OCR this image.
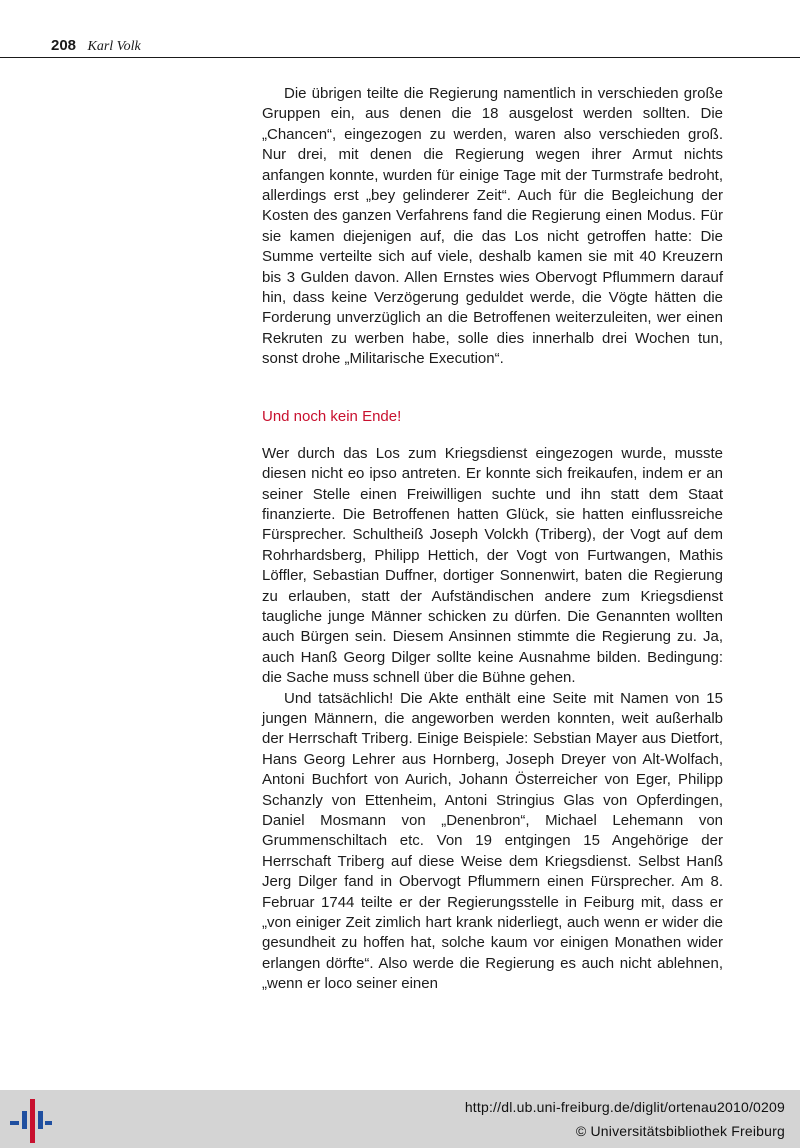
208 Karl Volk

Die übrigen teilte die Regierung namentlich in verschieden große Gruppen ein, aus denen die 18 ausgelost werden sollten. Die „Chancen“, eingezogen zu werden, waren also verschieden groß. Nur drei, mit denen die Regierung wegen ihrer Armut nichts anfangen konnte, wurden für einige Tage mit der Turmstrafe bedroht, allerdings erst „bey gelinderer Zeit“. Auch für die Begleichung der Kosten des ganzen Verfahrens fand die Regierung einen Modus. Für sie kamen diejenigen auf, die das Los nicht getroffen hatte: Die Summe verteilte sich auf viele, deshalb kamen sie mit 40 Kreuzern bis 3 Gulden davon. Allen Ernstes wies Obervogt Pflummern darauf hin, dass keine Verzögerung geduldet werde, die Vögte hätten die Forderung unverzüglich an die Betroffenen weiterzuleiten, wer einen Rekruten zu werben habe, solle dies innerhalb drei Wochen tun, sonst drohe „Militarische Execution“.

Und noch kein Ende!

Wer durch das Los zum Kriegsdienst eingezogen wurde, musste diesen nicht eo ipso antreten. Er konnte sich freikaufen, indem er an seiner Stelle einen Freiwilligen suchte und ihn statt dem Staat finanzierte. Die Betroffenen hatten Glück, sie hatten einflussreiche Fürsprecher. Schultheiß Joseph Volckh (Triberg), der Vogt auf dem Rohrhardsberg, Philipp Hettich, der Vogt von Furtwangen, Mathis Löffler, Sebastian Duffner, dortiger Sonnenwirt, baten die Regierung zu erlauben, statt der Aufständischen andere zum Kriegsdienst taugliche junge Männer schicken zu dürfen. Die Genannten wollten auch Bürgen sein. Diesem Ansinnen stimmte die Regierung zu. Ja, auch Hanß Georg Dilger sollte keine Ausnahme bilden. Bedingung: die Sache muss schnell über die Bühne gehen.

Und tatsächlich! Die Akte enthält eine Seite mit Namen von 15 jungen Männern, die angeworben werden konnten, weit außerhalb der Herrschaft Triberg. Einige Beispiele: Sebstian Mayer aus Dietfort, Hans Georg Lehrer aus Hornberg, Joseph Dreyer von Alt-Wolfach, Antoni Buchfort von Aurich, Johann Österreicher von Eger, Philipp Schanzly von Ettenheim, Antoni Stringius Glas von Opferdingen, Daniel Mosmann von „Denenbron“, Michael Lehemann von Grummenschiltach etc. Von 19 entgingen 15 Angehörige der Herrschaft Triberg auf diese Weise dem Kriegsdienst. Selbst Hanß Jerg Dilger fand in Obervogt Pflummern einen Fürsprecher. Am 8. Februar 1744 teilte er der Regierungsstelle in Feiburg mit, dass er „von einiger Zeit zimlich hart krank niderliegt, auch wenn er wider die gesundheit zu hoffen hat, solche kaum vor einigen Monathen wider erlangen dörfte“. Also werde die Regierung es auch nicht ablehnen, „wenn er loco seiner einen

http://dl.ub.uni-freiburg.de/diglit/ortenau2010/0209
© Universitätsbibliothek Freiburg
